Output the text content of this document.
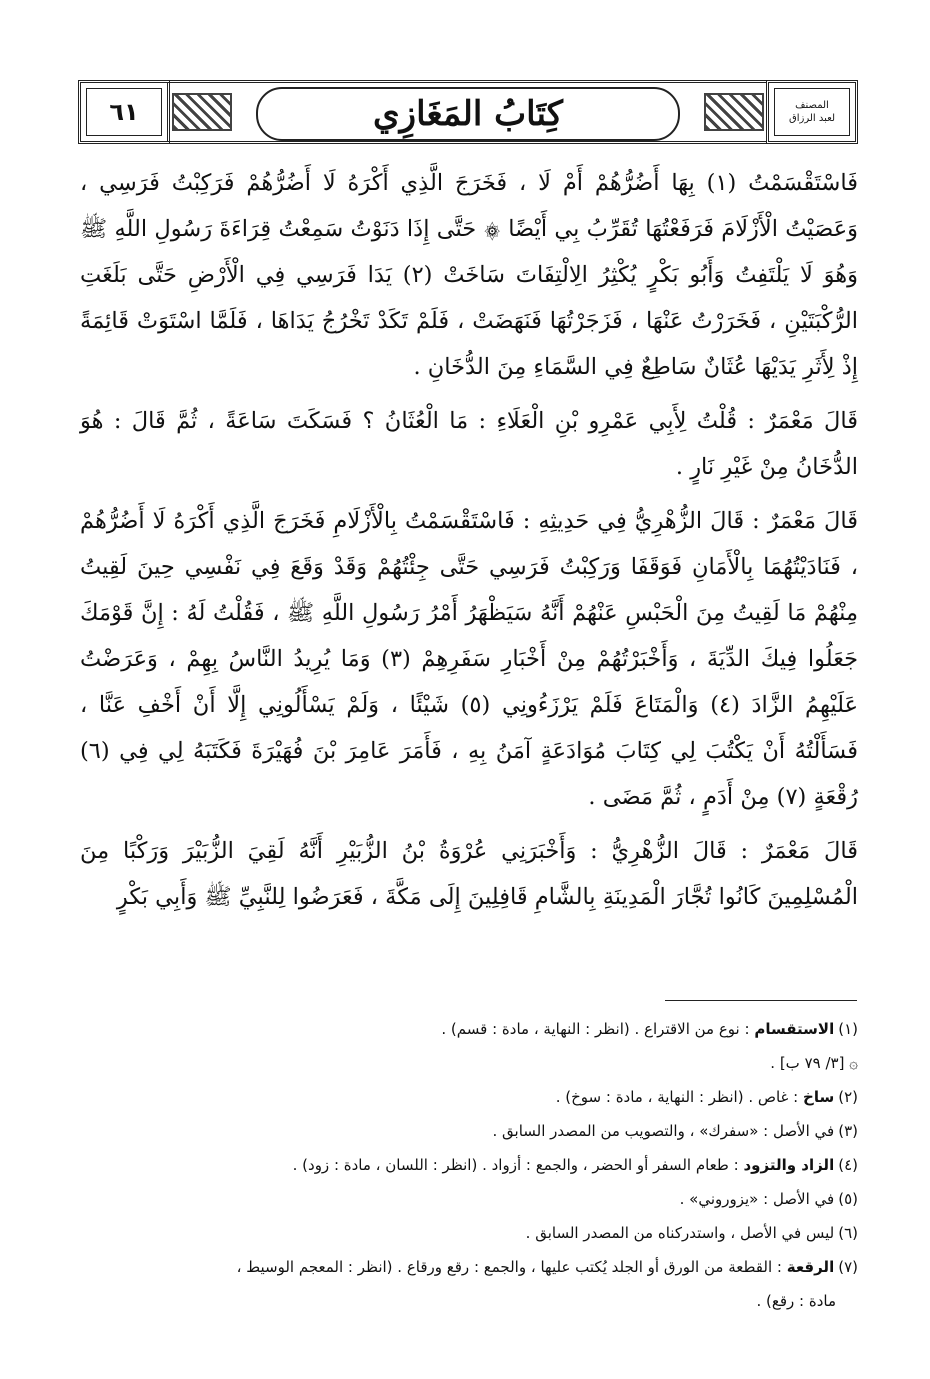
٦١	كِتَابُ المَغَازِي	المصنف
لعبد الرزاق

فَاسْتَقْسَمْتُ (١) بِهَا أَضُرُّهُمْ أَمْ لَا ، فَخَرَجَ الَّذِي أَكْرَهُ لَا أَضُرُّهُمْ فَرَكِبْتُ فَرَسِي ، وَعَصَيْتُ الْأَزْلَامَ فَرَفَعْتُهَا تُقَرِّبُ بِي أَيْضًا ۞ حَتَّى إِذَا دَنَوْتُ سَمِعْتُ قِرَاءَةَ رَسُولِ اللَّهِ ﷺ وَهُوَ لَا يَلْتَفِتُ وَأَبُو بَكْرٍ يُكْثِرُ الِالْتِفَاتَ سَاخَتْ (٢) يَدَا فَرَسِي فِي الْأَرْضِ حَتَّى بَلَغَتِ الرُّكْبَتَيْنِ ، فَخَرَرْتُ عَنْهَا ، فَزَجَرْتُهَا فَنَهَضَتْ ، فَلَمْ تَكَدْ تَخْرُجُ يَدَاهَا ، فَلَمَّا اسْتَوَتْ قَائِمَةً إِذْ لِأَثَرِ يَدَيْهَا عُثَانٌ سَاطِعٌ فِي السَّمَاءِ مِنَ الدُّخَانِ .

قَالَ مَعْمَرٌ : قُلْتُ لِأَبِي عَمْرِو بْنِ الْعَلَاءِ : مَا الْعُثَانُ ؟ فَسَكَتَ سَاعَةً ، ثُمَّ قَالَ : هُوَ الدُّخَانُ مِنْ غَيْرِ نَارٍ .

قَالَ مَعْمَرٌ : قَالَ الزُّهْرِيُّ فِي حَدِيثِهِ : فَاسْتَقْسَمْتُ بِالْأَزْلَامِ فَخَرَجَ الَّذِي أَكْرَهُ لَا أَضُرُّهُمْ ، فَنَادَيْتُهُمَا بِالْأَمَانِ فَوَقَفَا وَرَكِبْتُ فَرَسِي حَتَّى جِئْتُهُمْ وَقَدْ وَقَعَ فِي نَفْسِي حِينَ لَقِيتُ مِنْهُمْ مَا لَقِيتُ مِنَ الْحَبْسِ عَنْهُمْ أَنَّهُ سَيَظْهَرُ أَمْرُ رَسُولِ اللَّهِ ﷺ ، فَقُلْتُ لَهُ : إِنَّ قَوْمَكَ جَعَلُوا فِيكَ الدِّيَةَ ، وَأَخْبَرْتُهُمْ مِنْ أَخْبَارِ سَفَرِهِمْ (٣) وَمَا يُرِيدُ النَّاسُ بِهِمْ ، وَعَرَضْتُ عَلَيْهِمُ الزَّادَ (٤) وَالْمَتَاعَ فَلَمْ يَرْزَءُونِي (٥) شَيْئًا ، وَلَمْ يَسْأَلُونِي إِلَّا أَنْ أَخْفِ عَنَّا ، فَسَأَلْتُهُ أَنْ يَكْتُبَ لِي كِتَابَ مُوَادَعَةٍ آمَنُ بِهِ ، فَأَمَرَ عَامِرَ بْنَ فُهَيْرَةَ فَكَتَبَهُ لِي فِي (٦) رُقْعَةٍ (٧) مِنْ أَدَمٍ ، ثُمَّ مَضَى .

قَالَ مَعْمَرٌ : قَالَ الزُّهْرِيُّ : وَأَخْبَرَنِي عُرْوَةُ بْنُ الزُّبَيْرِ أَنَّهُ لَقِيَ الزُّبَيْرَ وَرَكْبًا مِنَ الْمُسْلِمِينَ كَانُوا تُجَّارَ الْمَدِينَةِ بِالشَّامِ قَافِلِينَ إِلَى مَكَّةَ ، فَعَرَضُوا لِلنَّبِيِّ ﷺ وَأَبِي بَكْرٍ

(١)الاستقسام : نوع من الاقتراع . (انظر : النهاية ، مادة : قسم) .
۞ [٣/ ٧٩ ب] .
(٢)ساخ : غاص . (انظر : النهاية ، مادة : سوخ) .
(٣)في الأصل : «سفرك» ، والتصويب من المصدر السابق .
(٤)الزاد والتزود : طعام السفر أو الحضر ، والجمع : أزواد . (انظر : اللسان ، مادة : زود) .
(٥)في الأصل : «يزوروني» .
(٦)ليس في الأصل ، واستدركناه من المصدر السابق .
(٧)الرقعة : القطعة من الورق أو الجلد يُكتب عليها ، والجمع : رقع ورقاع . (انظر : المعجم الوسيط ،
مادة : رقع) .
